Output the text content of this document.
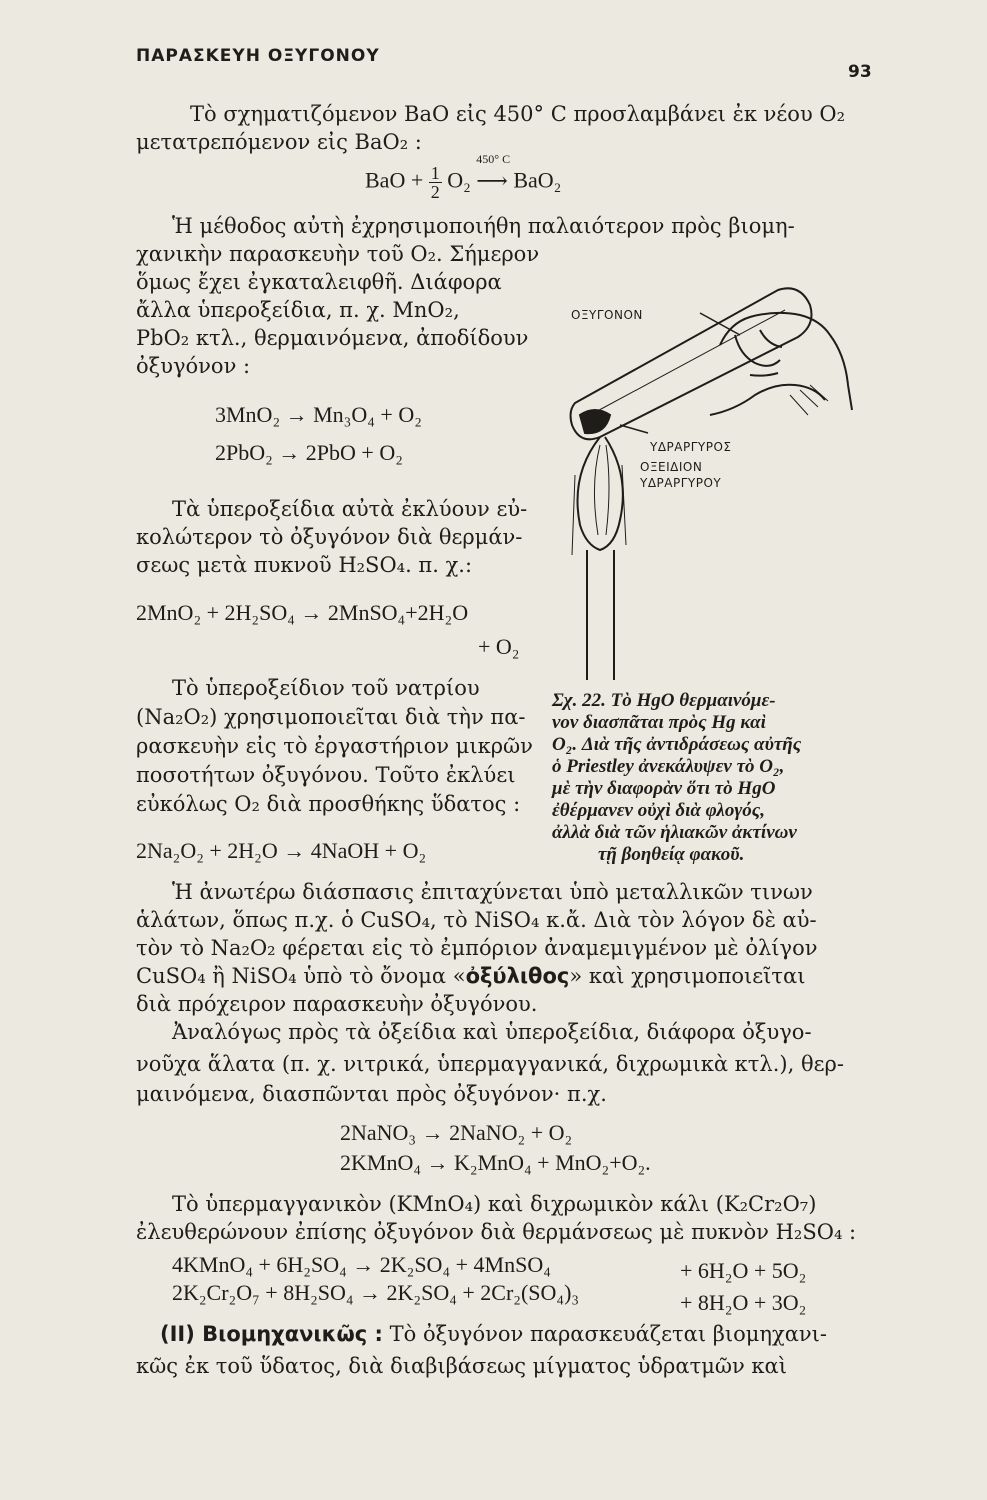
ΠΑΡΑΣΚΕΥΗ ΟΞΥΓΟΝΟΥ
93
Τὸ σχηματιζόμενον BaO εἰς 450° C προσλαμβάνει ἐκ νέου O₂
μετατρεπόμενον εἰς BaO₂ :
BaO + $\frac{1}{2} O_2$
450° C
⟶ BaO₂
Ἡ μέθοδος αὐτὴ ἐχρησιμοποιήθη παλαιότερον πρὸς βιομη-
χανικὴν παρασκευὴν τοῦ O₂. Σήμερον
ὅμως ἔχει ἐγκαταλειφθῆ. Διάφορα
ἄλλα ὑπεροξείδια, π. χ. MnO₂,
PbO₂ κτλ., θερμαινόμενα, ἀποδίδουν
ὀξυγόνον :
3MnO₂ → Mn₃O₄ + O₂
2PbO₂ → 2PbO + O₂
Τὰ ὑπεροξείδια αὐτὰ ἐκλύουν εὐ-
κολώτερον τὸ ὀξυγόνον διὰ θερμάν-
σεως μετὰ πυκνοῦ H₂SO₄. π. χ.:
2MnO₂ + 2H₂SO₄ → 2MnSO₄+2H₂O
+ O₂
Τὸ ὑπεροξείδιον τοῦ νατρίου
(Na₂O₂) χρησιμοποιεῖται διὰ τὴν πα-
ρασκευὴν εἰς τὸ ἐργαστήριον μικρῶν
ποσοτήτων ὀξυγόνου. Τοῦτο ἐκλύει
εὐκόλως O₂ διὰ προσθήκης ὕδατος :
2Na₂O₂ + 2H₂O → 4NaOH + O₂
ΟΞΥΓΟΝΟΝ
ΥΔΡΑΡΓΥΡΟΣ
ΟΞΕΙΔΙΟΝ
ΥΔΡΑΡΓΥΡΟΥ
Σχ. 22. Τὸ HgO θερμαινόμε-
νον διασπᾶται πρὸς Hg καὶ
O₂. Διὰ τῆς ἀντιδράσεως αὐτῆς
ὁ Priestley ἀνεκάλυψεν τὸ O₂,
μὲ τὴν διαφορὰν ὅτι τὸ HgO
ἐθέρμανεν οὐχὶ διὰ φλογός,
ἀλλὰ διὰ τῶν ἡλιακῶν ἀκτίνων
τῇ βοηθείᾳ φακοῦ.
Ἡ ἀνωτέρω διάσπασις ἐπιταχύνεται ὑπὸ μεταλλικῶν τινων
ἁλάτων, ὅπως π.χ. ὁ CuSO₄, τὸ NiSO₄ κ.ἄ. Διὰ τὸν λόγον δὲ αὐ-
τὸν τὸ Na₂O₂ φέρεται εἰς τὸ ἐμπόριον ἀναμεμιγμένον μὲ ὀλίγον
CuSO₄ ἢ NiSO₄ ὑπὸ τὸ ὄνομα «ὀξύλιθος» καὶ χρησιμοποιεῖται
διὰ πρόχειρον παρασκευὴν ὀξυγόνου.
Ἀναλόγως πρὸς τὰ ὀξείδια καὶ ὑπεροξείδια, διάφορα ὀξυγο-
νοῦχα ἅλατα (π. χ. νιτρικά, ὑπερμαγγανικά, διχρωμικὰ κτλ.), θερ-
μαινόμενα, διασπῶνται πρὸς ὀξυγόνον· π.χ.
2NaNO₃ → 2NaNO₂ + O₂
2KMnO₄ → K₂MnO₄ + MnO₂+O₂.
Τὸ ὑπερμαγγανικὸν (KMnO₄) καὶ διχρωμικὸν κάλι (K₂Cr₂O₇)
ἐλευθερώνουν ἐπίσης ὀξυγόνον διὰ θερμάνσεως μὲ πυκνὸν H₂SO₄ :
4KMnO₄ + 6H₂SO₄ → 2K₂SO₄ + 4MnSO₄	+ 6H₂O + 5O₂
2K₂Cr₂O₇ + 8H₂SO₄ → 2K₂SO₄ + 2Cr₂(SO₄)₃	+ 8H₂O + 3O₂
(II) Βιομηχανικῶς : Τὸ ὀξυγόνον παρασκευάζεται βιομηχανι-
κῶς ἐκ τοῦ ὕδατος, διὰ διαβιβάσεως μίγματος ὑδρατμῶν καὶ
